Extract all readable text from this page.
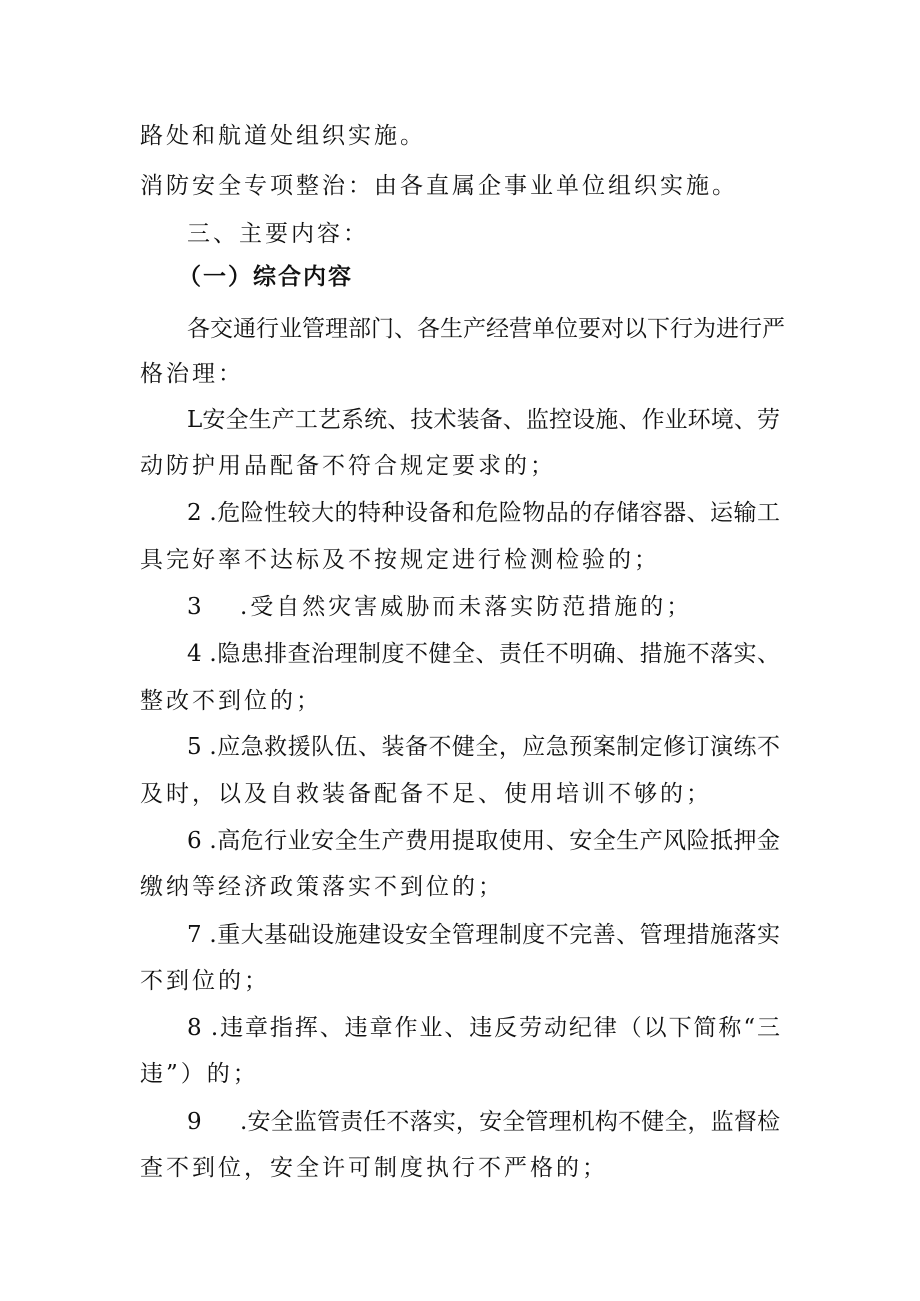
路处和航道处组织实施。
消防安全专项整治：由各直属企事业单位组织实施。
三、主要内容：
（一）综合内容
各交通行业管理部门、各生产经营单位要对以下行为进行严
格治理：
L安全生产工艺系统、技术装备、监控设施、作业环境、劳
动防护用品配备不符合规定要求的；
2 .危险性较大的特种设备和危险物品的存储容器、运输工
具完好率不达标及不按规定进行检测检验的；
3 .受自然灾害威胁而未落实防范措施的；
4 .隐患排查治理制度不健全、责任不明确、措施不落实、
整改不到位的；
5 .应急救援队伍、装备不健全，应急预案制定修订演练不
及时，以及自救装备配备不足、使用培训不够的；
6 .高危行业安全生产费用提取使用、安全生产风险抵押金
缴纳等经济政策落实不到位的；
7 .重大基础设施建设安全管理制度不完善、管理措施落实
不到位的；
8 .违章指挥、违章作业、违反劳动纪律（以下简称“三
违”）的；
9 .安全监管责任不落实，安全管理机构不健全，监督检
查不到位，安全许可制度执行不严格的；
